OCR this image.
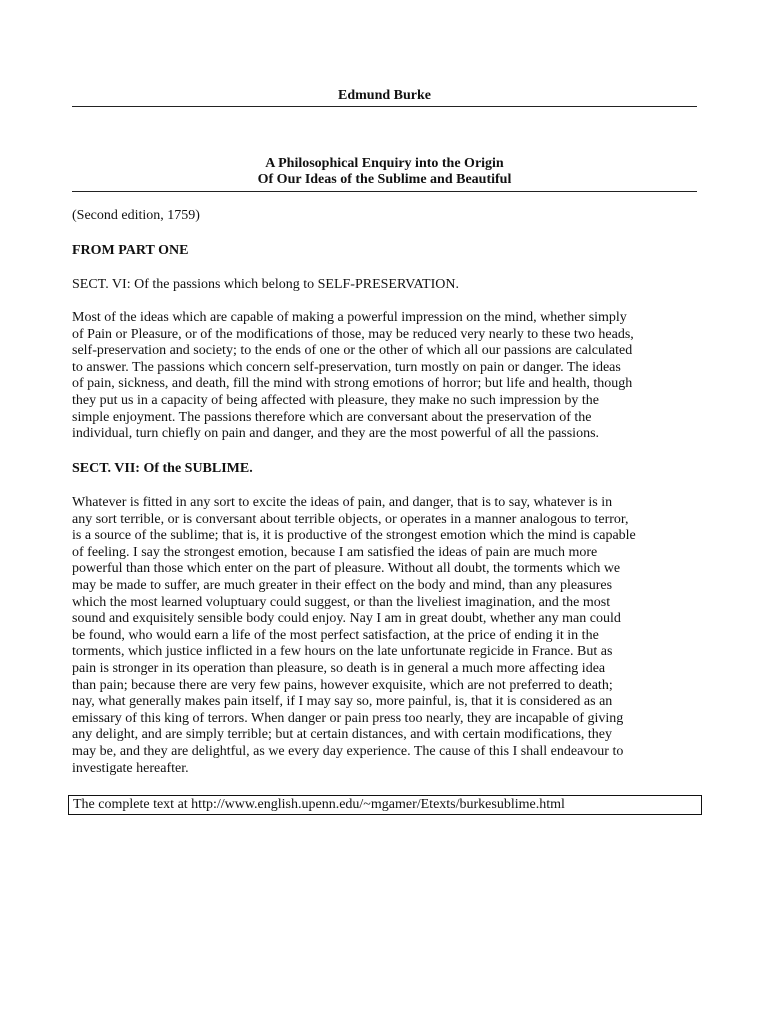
Edmund Burke
A Philosophical Enquiry into the Origin
Of Our Ideas of the Sublime and Beautiful

(Second edition, 1759)

FROM PART ONE

SECT. VI: Of the passions which belong to SELF-PRESERVATION.

Most of the ideas which are capable of making a powerful impression on the mind, whether simply

of Pain or Pleasure, or of the modifications of those, may be reduced very nearly to these two heads,

self-preservation and society; to the ends of one or the other of which all our passions are calculated

to answer. The passions which concern self-preservation, turn mostly on pain or danger. The ideas

of pain, sickness, and death, fill the mind with strong emotions of horror; but life and health, though

they put us in a capacity of being affected with pleasure, they make no such impression by the

simple enjoyment. The passions therefore which are conversant about the preservation of the

individual, turn chiefly on pain and danger, and they are the most powerful of all the passions.

SECT. VII: Of the SUBLIME.

Whatever is fitted in any sort to excite the ideas of pain, and danger, that is to say, whatever is in

any sort terrible, or is conversant about terrible objects, or operates in a manner analogous to terror,

is a source of the sublime; that is, it is productive of the strongest emotion which the mind is capable

of feeling. I say the strongest emotion, because I am satisfied the ideas of pain are much more

powerful than those which enter on the part of pleasure. Without all doubt, the torments which we

may be made to suffer, are much greater in their effect on the body and mind, than any pleasures

which the most learned voluptuary could suggest, or than the liveliest imagination, and the most

sound and exquisitely sensible body could enjoy. Nay I am in great doubt, whether any man could

be found, who would earn a life of the most perfect satisfaction, at the price of ending it in the

torments, which justice inflicted in a few hours on the late unfortunate regicide in France. But as

pain is stronger in its operation than pleasure, so death is in general a much more affecting idea

than pain; because there are very few pains, however exquisite, which are not preferred to death;

nay, what generally makes pain itself, if I may say so, more painful, is, that it is considered as an

emissary of this king of terrors. When danger or pain press too nearly, they are incapable of giving

any delight, and are simply terrible; but at certain distances, and with certain modifications, they

may be, and they are delightful, as we every day experience. The cause of this I shall endeavour to

investigate hereafter.

The complete text at http://www.english.upenn.edu/~mgamer/Etexts/burkesublime.html
